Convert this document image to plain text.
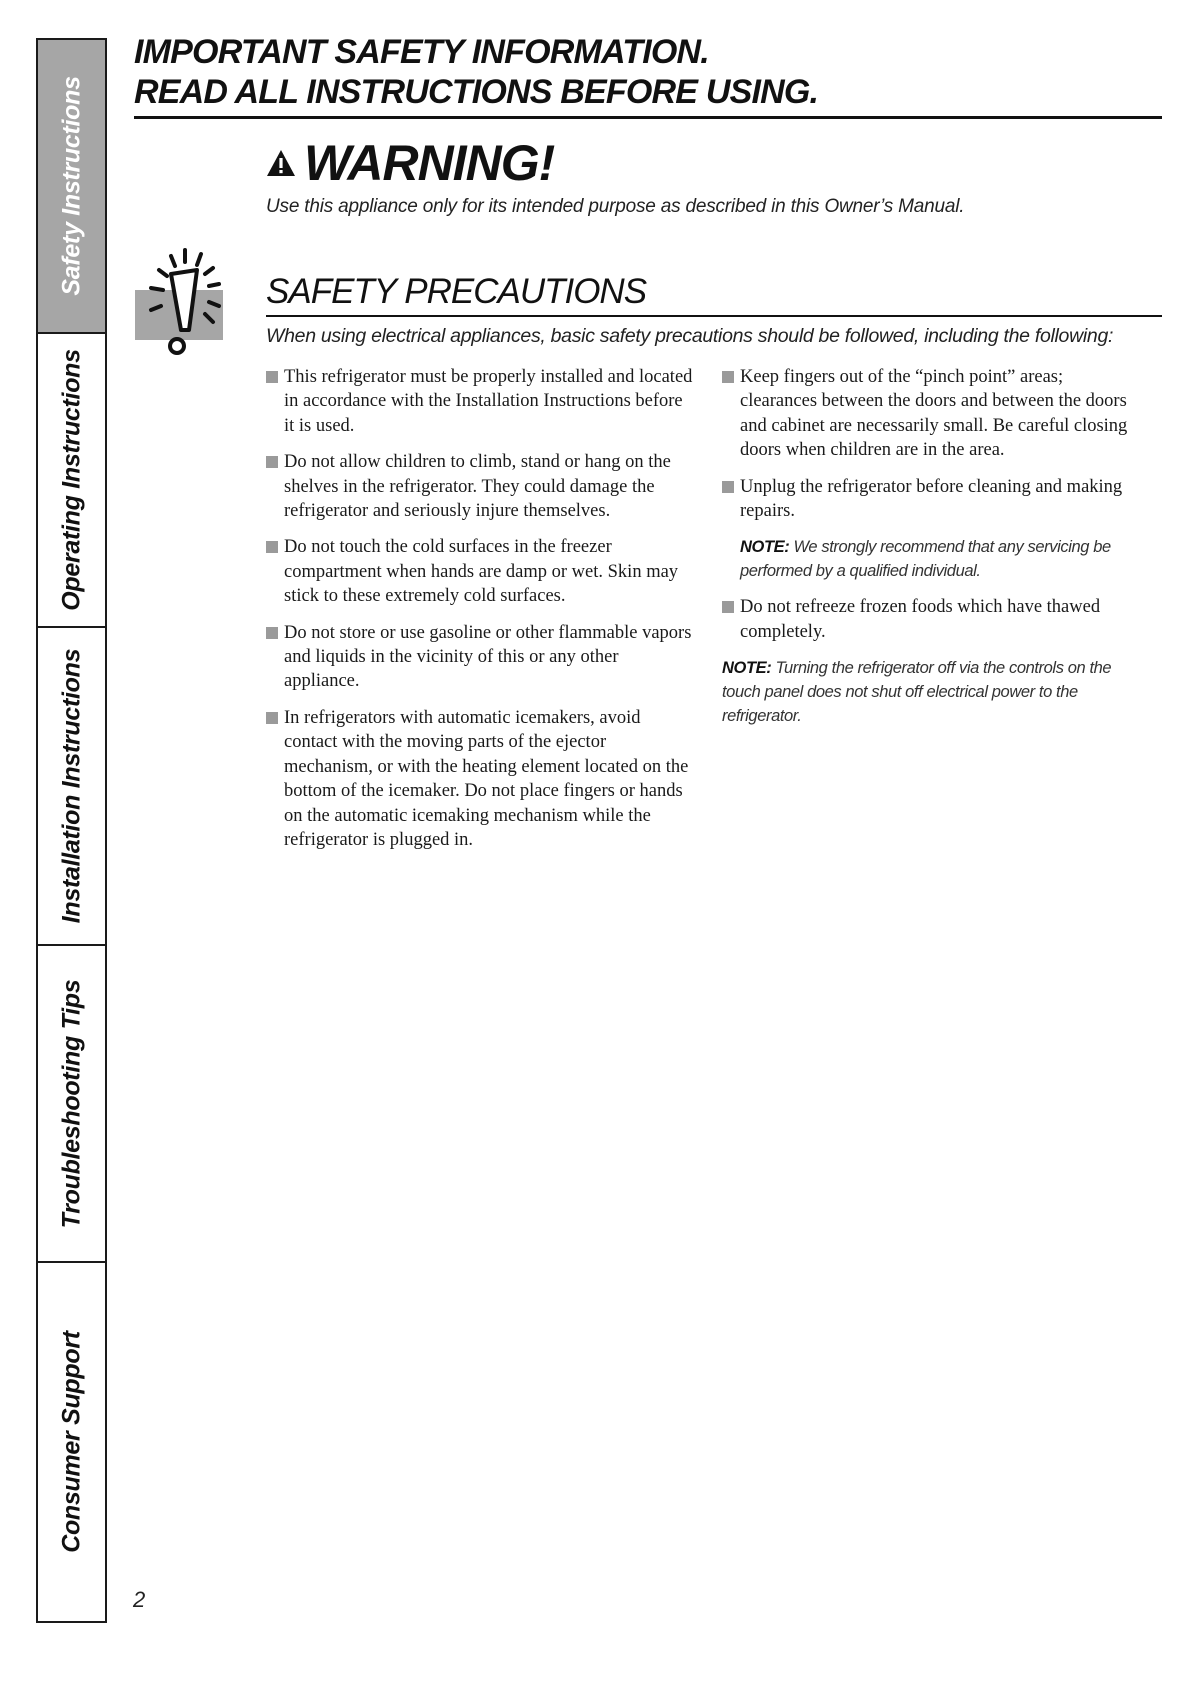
Safety Instructions
Operating Instructions
Installation Instructions
Troubleshooting Tips
Consumer Support
IMPORTANT SAFETY INFORMATION.
READ ALL INSTRUCTIONS BEFORE USING.
WARNING!
Use this appliance only for its intended purpose as described in this Owner’s Manual.
SAFETY PRECAUTIONS
When using electrical appliances, basic safety precautions should be followed, including the following:
This refrigerator must be properly installed and located in accordance with the Installation Instructions before it is used.
Do not allow children to climb, stand or hang on the shelves in the refrigerator. They could damage the refrigerator and seriously injure themselves.
Do not touch the cold surfaces in the freezer compartment when hands are damp or wet. Skin may stick to these extremely cold surfaces.
Do not store or use gasoline or other flammable vapors and liquids in the vicinity of this or any other appliance.
In refrigerators with automatic icemakers, avoid contact with the moving parts of the ejector mechanism, or with the heating element located on the bottom of the icemaker. Do not place fingers or hands on the automatic icemaking mechanism while the refrigerator is plugged in.
Keep fingers out of the “pinch point” areas; clearances between the doors and between the doors and cabinet are necessarily small. Be careful closing doors when children are in the area.
Unplug the refrigerator before cleaning and making repairs.
NOTE: We strongly recommend that any servicing be performed by a qualified individual.
Do not refreeze frozen foods which have thawed completely.
NOTE: Turning the refrigerator off via the controls on the touch panel does not shut off electrical power to the refrigerator.
2
